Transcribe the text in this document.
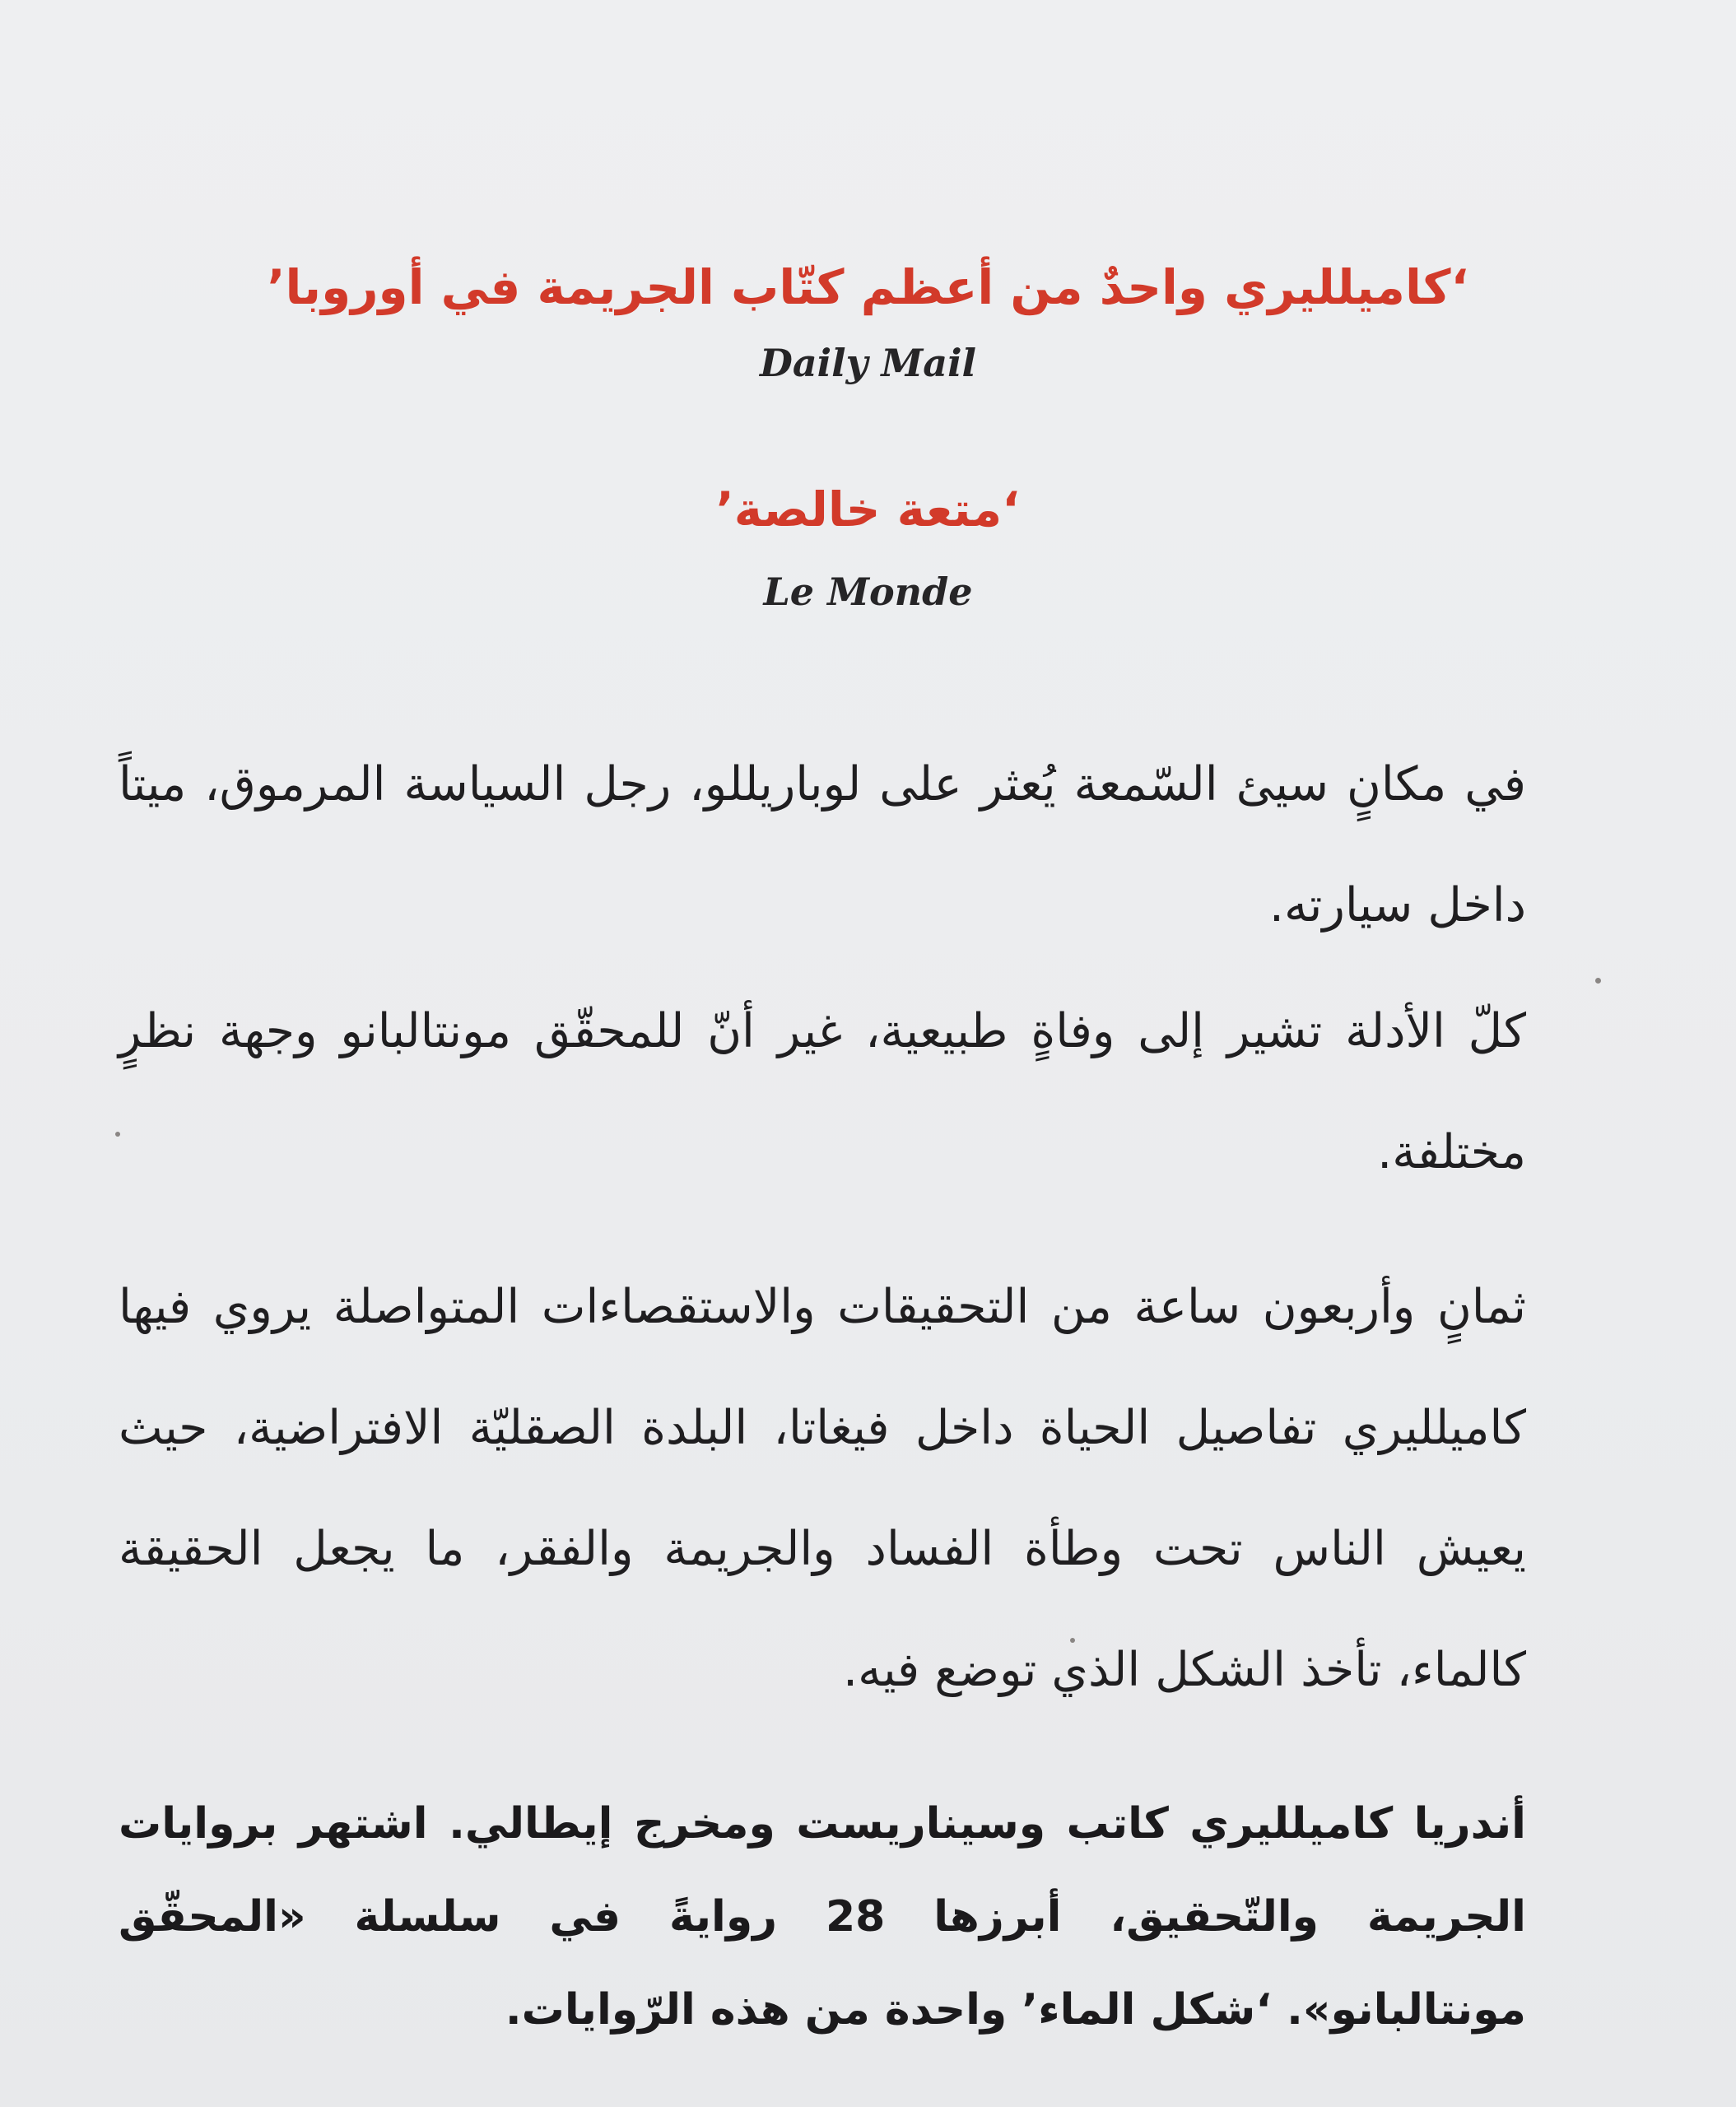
‘كاميلليري واحدٌ من أعظم كتّاب الجريمة في أوروبا’

Daily Mail

‘متعة خالصة’

Le Monde

في مكانٍ سيئ السّمعة يُعثر على لوباريللو، رجل السياسة المرموق، ميتاً داخل سيارته.

كلّ الأدلة تشير إلى وفاةٍ طبيعية، غير أنّ للمحقّق مونتالبانو وجهة نظرٍ مختلفة.

ثمانٍ وأربعون ساعة من التحقيقات والاستقصاءات المتواصلة يروي فيها كاميلليري تفاصيل الحياة داخل فيغاتا، البلدة الصقليّة الافتراضية، حيث يعيش الناس تحت وطأة الفساد والجريمة والفقر، ما يجعل الحقيقة كالماء، تأخذ الشكل الذي توضع فيه.

أندريا كاميلليري كاتب وسيناريست ومخرج إيطالي. اشتهر بروايات الجريمة والتّحقيق، أبرزها 28 روايةً في سلسلة «المحقّق مونتالبانو». ‘شكل الماء’ واحدة من هذه الرّوايات.
